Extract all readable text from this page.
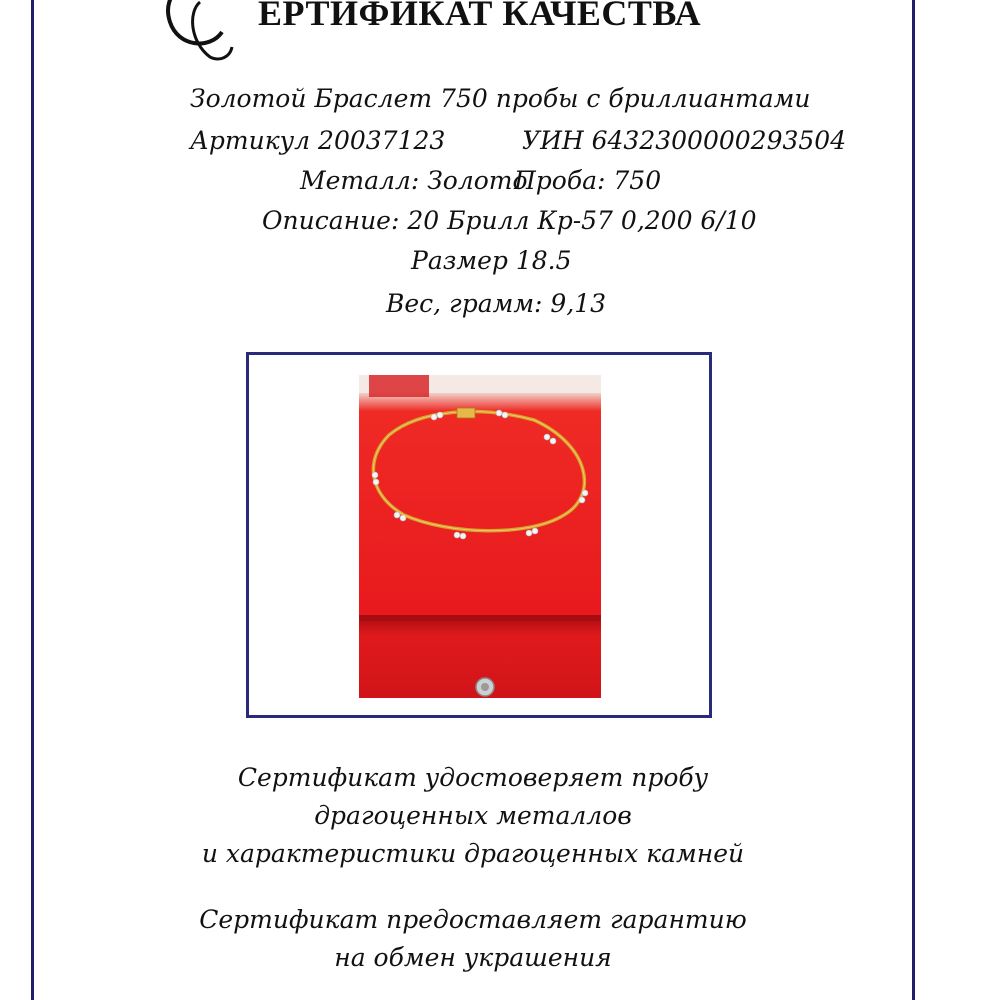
ЕРТИФИКАТ КАЧЕСТВА
Золотой Браслет 750 пробы с бриллиантами
Артикул 20037123	УИН 6432300000293504
Металл: Золото
Проба: 750
Описание: 20 Брилл Кр-57 0,200 6/10
Размер 18.5
Вес, грамм: 9,13
Сертификат удостоверяет пробу
драгоценных металлов
и характеристики драгоценных камней
Сертификат предоставляет гарантию
на обмен украшения
